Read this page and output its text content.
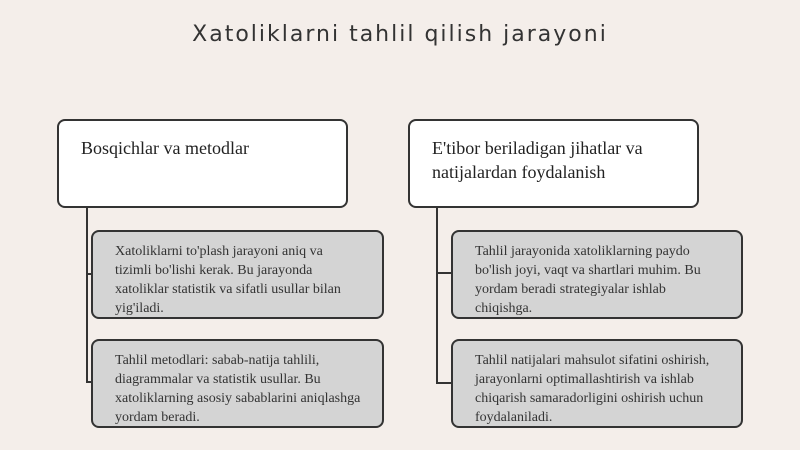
Xatoliklarni tahlil qilish jarayoni
Bosqichlar va metodlar
Xatoliklarni to'plash jarayoni aniq va tizimli bo'lishi kerak. Bu jarayonda xatoliklar statistik va sifatli usullar bilan yig'iladi.
Tahlil metodlari: sabab-natija tahlili, diagrammalar va statistik usullar. Bu xatoliklarning asosiy sabablarini aniqlashga yordam beradi.
E'tibor beriladigan jihatlar va natijalardan foydalanish
Tahlil jarayonida xatoliklarning paydo bo'lish joyi, vaqt va shartlari muhim. Bu yordam beradi strategiyalar ishlab chiqishga.
Tahlil natijalari mahsulot sifatini oshirish, jarayonlarni optimallashtirish va ishlab chiqarish samaradorligini oshirish uchun foydalaniladi.
